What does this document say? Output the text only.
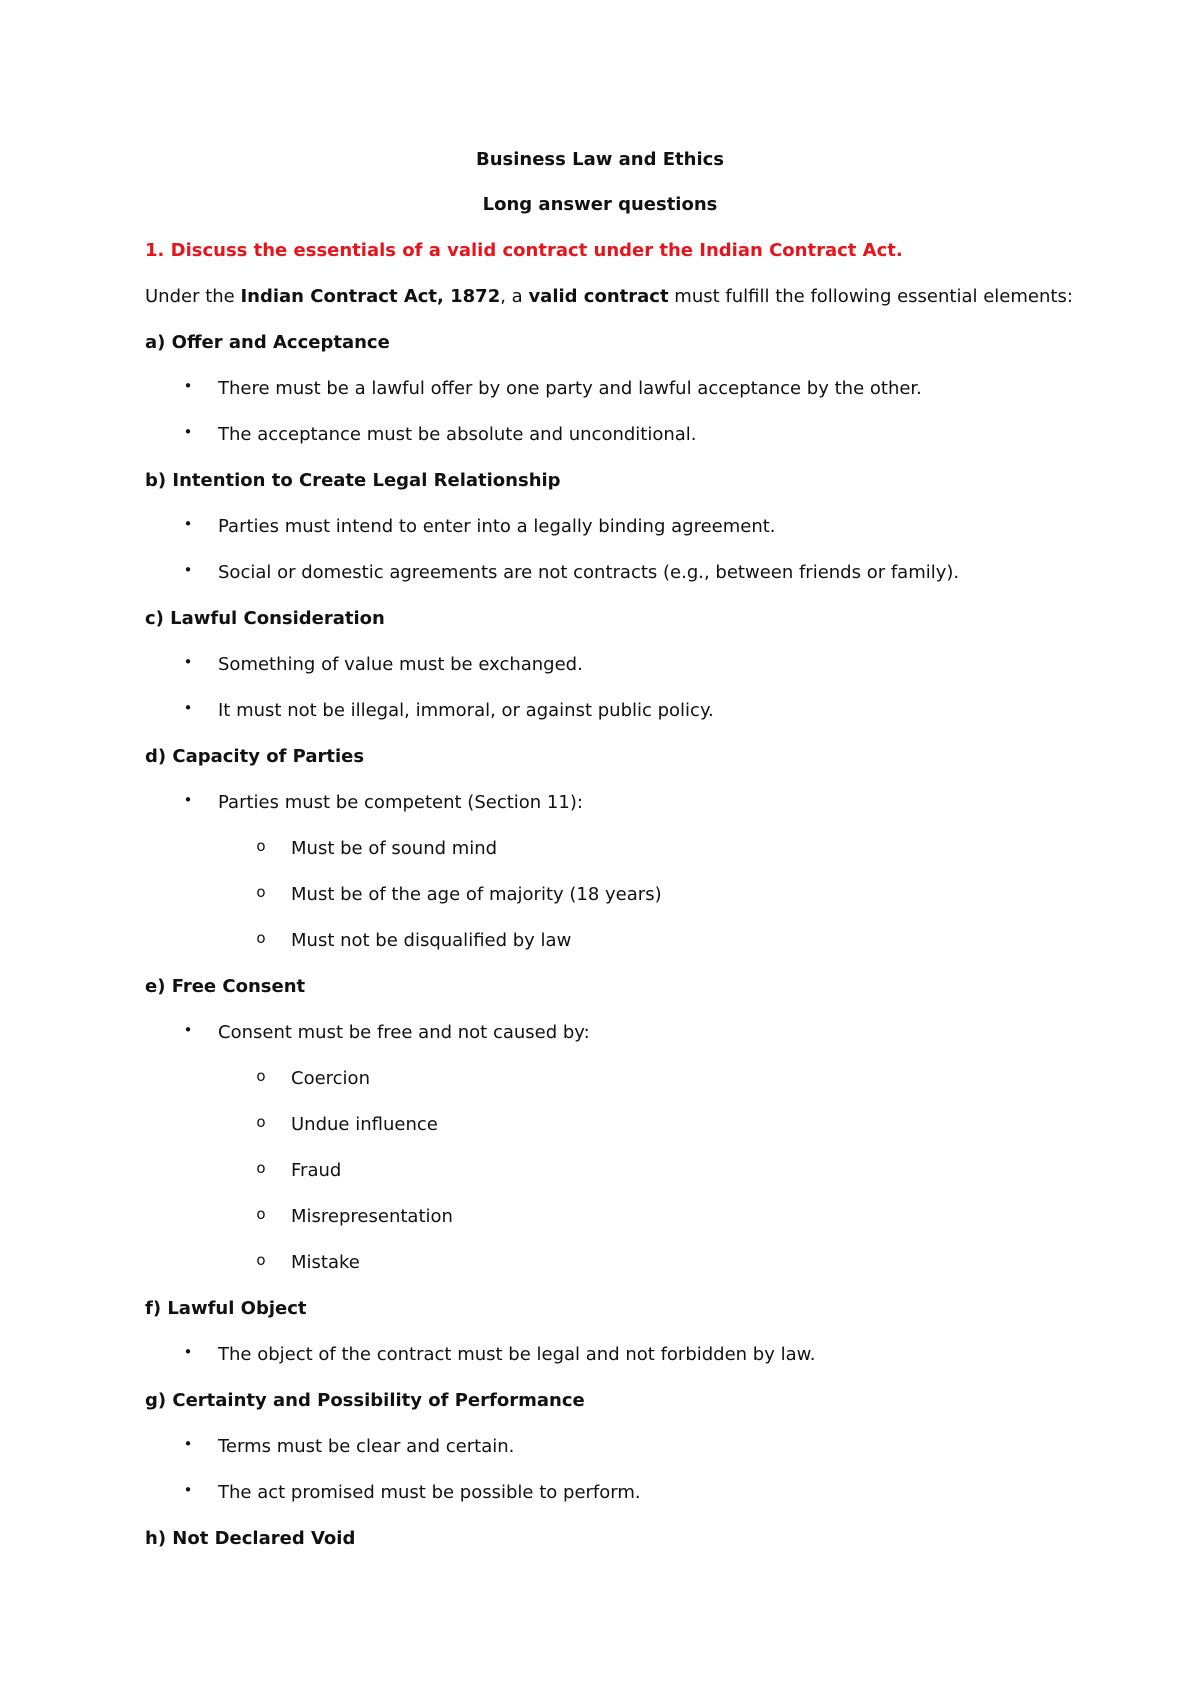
Business Law and Ethics
Long answer questions
1. Discuss the essentials of a valid contract under the Indian Contract Act.
Under the Indian Contract Act, 1872, a valid contract must fulfill the following essential elements:
a) Offer and Acceptance
•	There must be a lawful offer by one party and lawful acceptance by the other.
•	The acceptance must be absolute and unconditional.
b) Intention to Create Legal Relationship
•	Parties must intend to enter into a legally binding agreement.
•	Social or domestic agreements are not contracts (e.g., between friends or family).
c) Lawful Consideration
•	Something of value must be exchanged.
•	It must not be illegal, immoral, or against public policy.
d) Capacity of Parties
•	Parties must be competent (Section 11):
o	Must be of sound mind
o	Must be of the age of majority (18 years)
o	Must not be disqualified by law
e) Free Consent
•	Consent must be free and not caused by:
o	Coercion
o	Undue influence
o	Fraud
o	Misrepresentation
o	Mistake
f) Lawful Object
•	The object of the contract must be legal and not forbidden by law.
g) Certainty and Possibility of Performance
•	Terms must be clear and certain.
•	The act promised must be possible to perform.
h) Not Declared Void
